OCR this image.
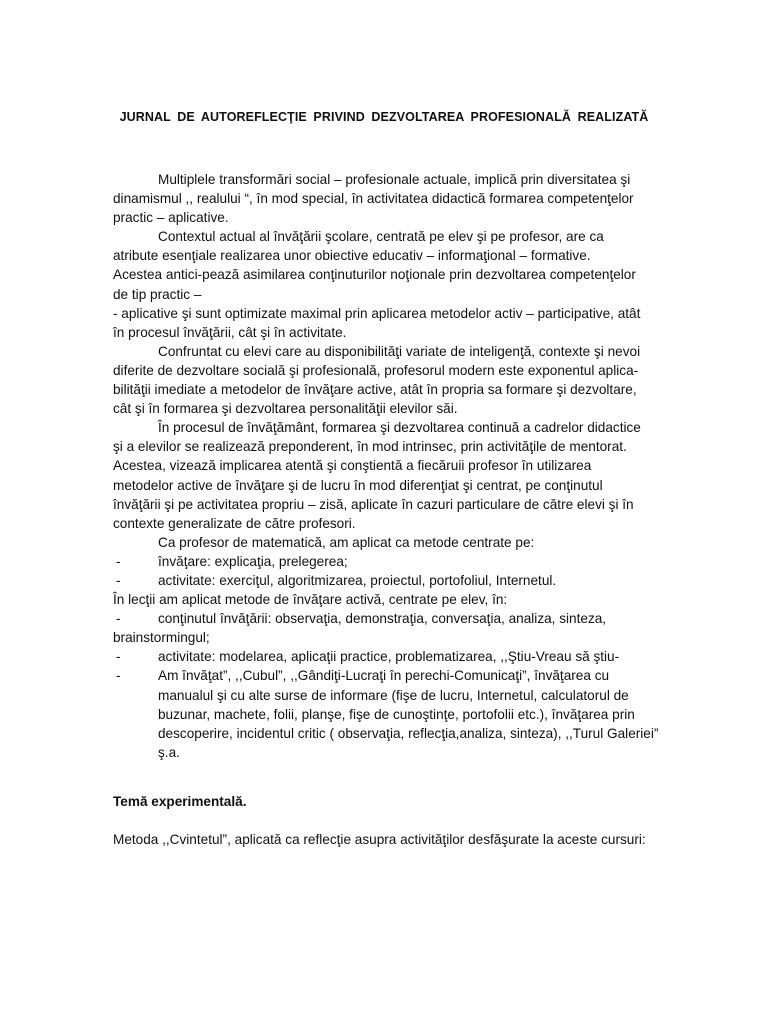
JURNAL DE AUTOREFLECŢIE PRIVIND DEZVOLTAREA PROFESIONALĂ REALIZATĂ
Multiplele transformări social – profesionale actuale, implică prin diversitatea şi
dinamismul ,, realului “, în mod special, în activitatea didactică formarea competenţelor
practic – aplicative.
Contextul actual al învăţării şcolare, centrată pe elev şi pe profesor, are ca
atribute esenţiale realizarea unor obiective educativ – informaţional – formative.
Acestea antici-pează asimilarea conţinuturilor noţionale prin dezvoltarea competenţelor
de tip practic –
- aplicative şi sunt optimizate maximal prin aplicarea metodelor activ – participative, atât
în procesul învăţării, cât şi în activitate.
Confruntat cu elevi care au disponibilităţi variate de inteligenţă, contexte şi nevoi
diferite de dezvoltare socială şi profesională, profesorul modern este exponentul aplica-
bilităţii imediate a metodelor de învăţare active, atât în propria sa formare şi dezvoltare,
cât şi în formarea şi dezvoltarea personalităţii elevilor săi.
În procesul de învăţământ, formarea şi dezvoltarea continuă a cadrelor didactice
şi a elevilor se realizează preponderent, în mod intrinsec, prin activităţile de mentorat.
Acestea, vizează implicarea atentă şi conştientă a fiecăruii profesor în utilizarea
metodelor active de învăţare şi de lucru în mod diferenţiat şi centrat, pe conţinutul
învăţării şi pe activitatea propriu – zisă, aplicate în cazuri particulare de către elevi şi în
contexte generalizate de către profesori.
Ca profesor de matematică, am aplicat ca metode centrate pe:
-	învăţare: explicaţia, prelegerea;
-	activitate: exerciţul, algoritmizarea, proiectul, portofoliul, Internetul.
În lecţii am aplicat metode de învăţare activă, centrate pe elev, în:
-	conţinutul învăţării: observaţia, demonstraţia, conversaţia, analiza, sinteza,
brainstormingul;
-	activitate: modelarea, aplicaţii practice, problematizarea, ,,Ştiu-Vreau să ştiu-
-	Am învăţat”, ,,Cubul”, ,,Gândiţi-Lucraţi în perechi-Comunicaţi”, învăţarea cu
manualul şi cu alte surse de informare (fişe de lucru, Internetul, calculatorul de
buzunar, machete, folii, planşe, fişe de cunoştinţe, portofolii etc.), învăţarea prin
descoperire, incidentul critic ( observaţia, reflecţia,analiza, sinteza), ,,Turul Galeriei”
ş.a.
Temă experimentală.
Metoda ,,Cvintetul”, aplicată ca reflecţie asupra activităţilor desfăşurate la aceste cursuri:
